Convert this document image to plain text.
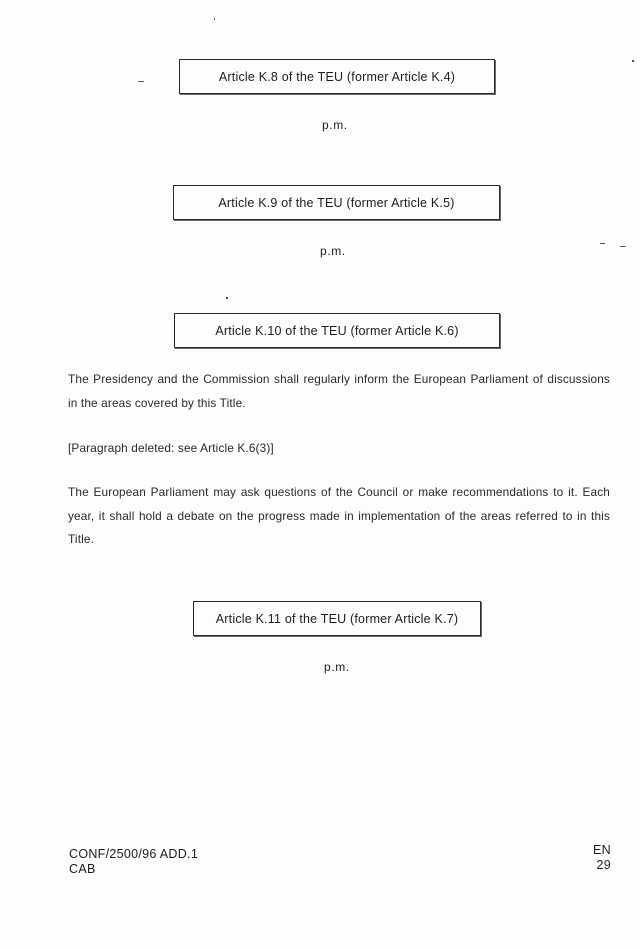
Article K.8 of the TEU (former Article K.4)
p.m.
Article K.9 of the TEU (former Article K.5)
p.m.
Article K.10 of the TEU (former Article K.6)

The Presidency and the Commission shall regularly inform the European Parliament of discussions in the areas covered by this Title.

[Paragraph deleted: see Article K.6(3)]

The European Parliament may ask questions of the Council or make recommendations to it. Each year, it shall hold a debate on the progress made in implementation of the areas referred to in this Title.

Article K.11 of the TEU (former Article K.7)
p.m.
CONF/2500/96 ADD.1
CAB
EN
29
